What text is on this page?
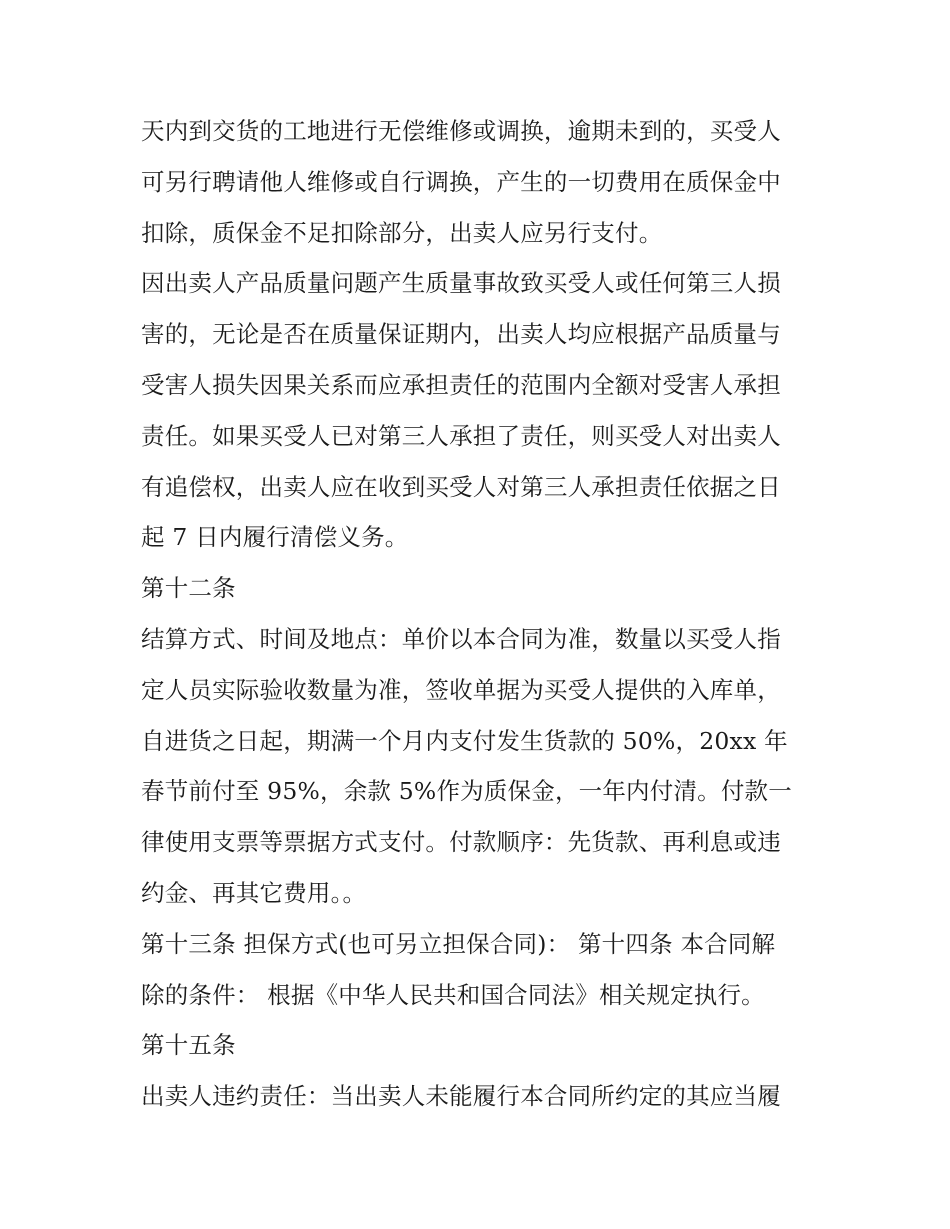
天内到交货的工地进行无偿维修或调换，逾期未到的，买受人
可另行聘请他人维修或自行调换，产生的一切费用在质保金中
扣除，质保金不足扣除部分，出卖人应另行支付。
因出卖人产品质量问题产生质量事故致买受人或任何第三人损
害的，无论是否在质量保证期内，出卖人均应根据产品质量与
受害人损失因果关系而应承担责任的范围内全额对受害人承担
责任。如果买受人已对第三人承担了责任，则买受人对出卖人
有追偿权，出卖人应在收到买受人对第三人承担责任依据之日
起 7 日内履行清偿义务。
第十二条
结算方式、时间及地点：单价以本合同为准，数量以买受人指
定人员实际验收数量为准，签收单据为买受人提供的入库单，
自进货之日起，期满一个月内支付发生货款的 50%，20xx 年
春节前付至 95%，余款 5%作为质保金，一年内付清。付款一
律使用支票等票据方式支付。付款顺序：先货款、再利息或违
约金、再其它费用。。
第十三条 担保方式(也可另立担保合同)： 第十四条 本合同解
除的条件： 根据《中华人民共和国合同法》相关规定执行。
第十五条
出卖人违约责任：当出卖人未能履行本合同所约定的其应当履
